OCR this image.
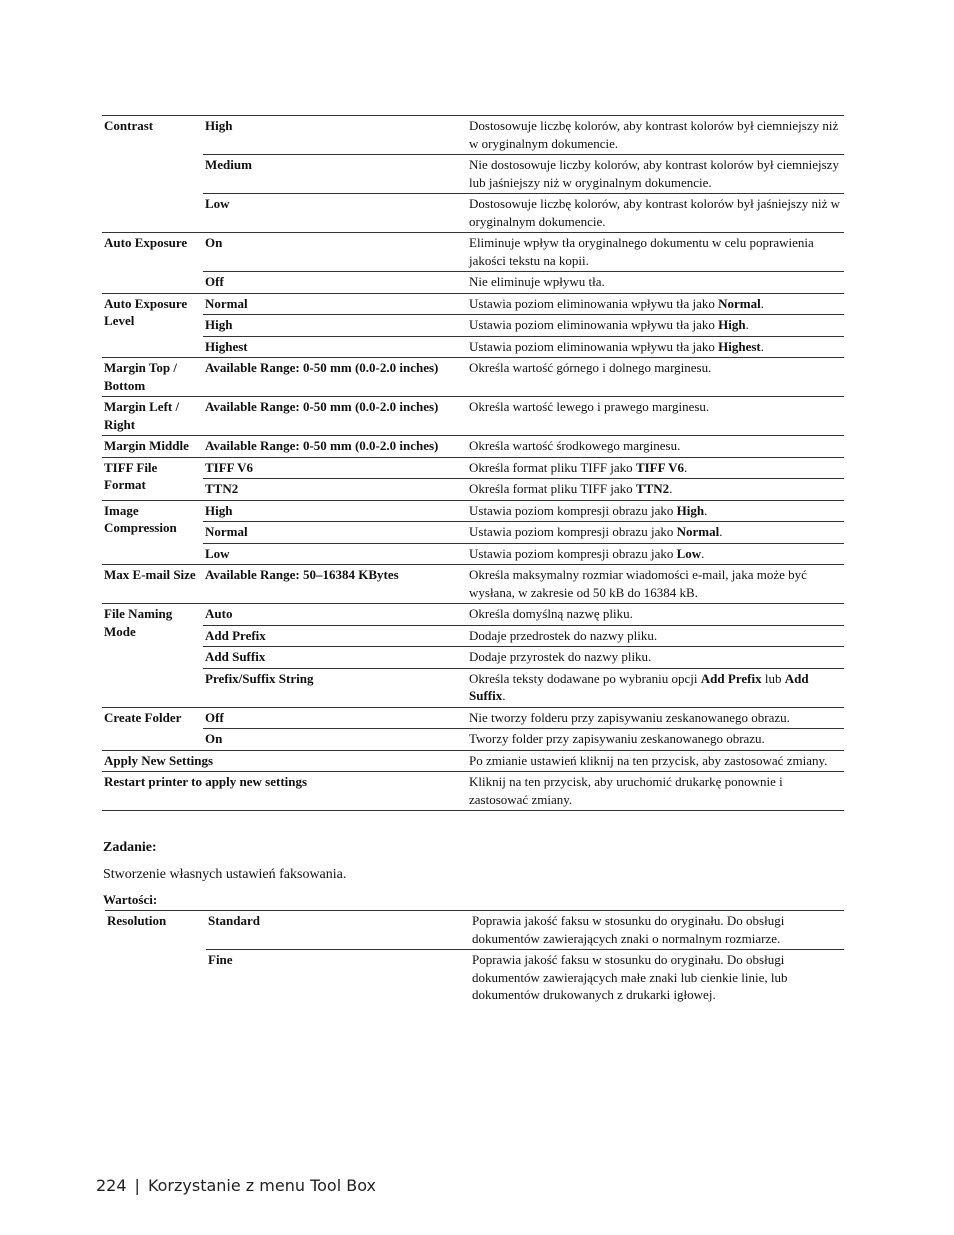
Contrast	High	Dostosowuje liczbę kolorów, aby kontrast kolorów był ciemniejszy niż w oryginalnym dokumencie.
	Medium	Nie dostosowuje liczby kolorów, aby kontrast kolorów był ciemniejszy lub jaśniejszy niż w oryginalnym dokumencie.
	Low	Dostosowuje liczbę kolorów, aby kontrast kolorów był jaśniejszy niż w oryginalnym dokumencie.
Auto Exposure	On	Eliminuje wpływ tła oryginalnego dokumentu w celu poprawienia jakości tekstu na kopii.
	Off	Nie eliminuje wpływu tła.
Auto Exposure Level	Normal	Ustawia poziom eliminowania wpływu tła jako Normal.
	High	Ustawia poziom eliminowania wpływu tła jako High.
	Highest	Ustawia poziom eliminowania wpływu tła jako Highest.
Margin Top / Bottom	Available Range: 0-50 mm (0.0-2.0 inches)	Określa wartość górnego i dolnego marginesu.
Margin Left / Right	Available Range: 0-50 mm (0.0-2.0 inches)	Określa wartość lewego i prawego marginesu.
Margin Middle	Available Range: 0-50 mm (0.0-2.0 inches)	Określa wartość środkowego marginesu.
TIFF File Format	TIFF V6	Określa format pliku TIFF jako TIFF V6.
	TTN2	Określa format pliku TIFF jako TTN2.
Image Compression	High	Ustawia poziom kompresji obrazu jako High.
	Normal	Ustawia poziom kompresji obrazu jako Normal.
	Low	Ustawia poziom kompresji obrazu jako Low.
Max E-mail Size	Available Range: 50–16384 KBytes	Określa maksymalny rozmiar wiadomości e-mail, jaka może być wysłana, w zakresie od 50 kB do 16384 kB.
File Naming Mode	Auto	Określa domyślną nazwę pliku.
	Add Prefix	Dodaje przedrostek do nazwy pliku.
	Add Suffix	Dodaje przyrostek do nazwy pliku.
	Prefix/Suffix String	Określa teksty dodawane po wybraniu opcji Add Prefix lub Add Suffix.
Create Folder	Off	Nie tworzy folderu przy zapisywaniu zeskanowanego obrazu.
	On	Tworzy folder przy zapisywaniu zeskanowanego obrazu.
Apply New Settings		Po zmianie ustawień kliknij na ten przycisk, aby zastosować zmiany.
Restart printer to apply new settings		Kliknij na ten przycisk, aby uruchomić drukarkę ponownie i zastosować zmiany.
Zadanie:
Stworzenie własnych ustawień faksowania.
Wartości:
Resolution	Standard	Poprawia jakość faksu w stosunku do oryginału. Do obsługi dokumentów zawierających znaki o normalnym rozmiarze.
	Fine	Poprawia jakość faksu w stosunku do oryginału. Do obsługi dokumentów zawierających małe znaki lub cienkie linie, lub dokumentów drukowanych z drukarki igłowej.
224 | Korzystanie z menu Tool Box
